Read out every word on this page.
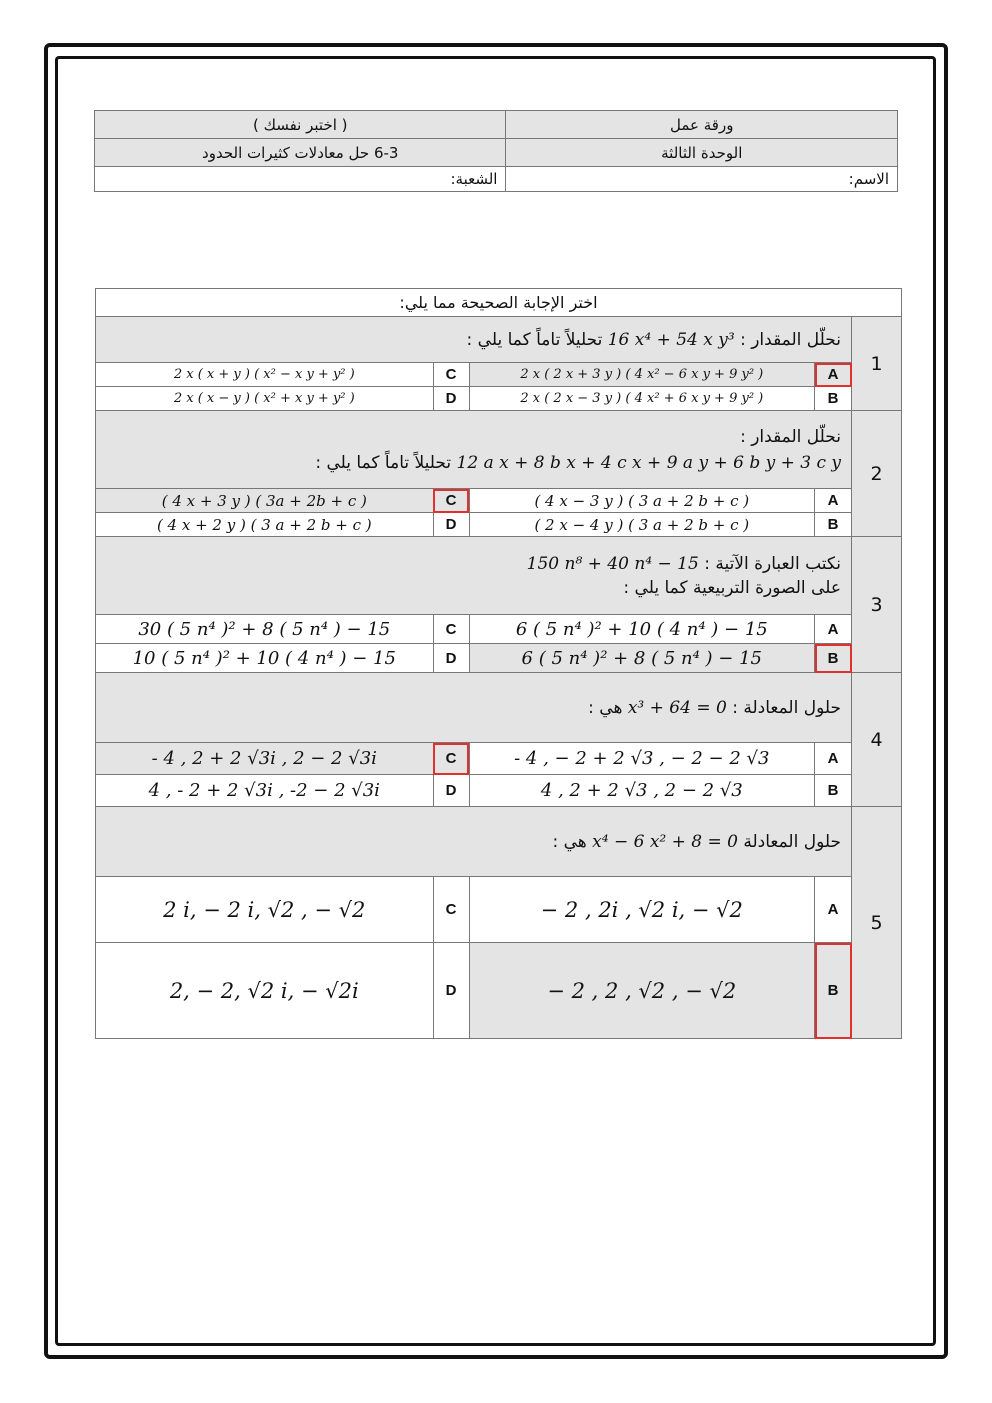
( اختبر نفسك )	ورقة عمل
6-3 حل معادلات كثيرات الحدود	الوحدة الثالثة
الشعبة:	الاسم:
اختر الإجابة الصحيحة مما يلي:				
نحلّل المقدار : 16 x⁴ + 54 x y³ تحليلاً تاماً كما يلي :				1
2 x ( x + y ) ( x² − x y + y² )	C	2 x ( 2 x + 3 y ) ( 4 x² − 6 x y + 9 y² )	A	
2 x ( x − y ) ( x² + x y + y² )	D	2 x ( 2 x − 3 y ) ( 4 x² + 6 x y + 9 y² )	B	

نحلّل المقدار :
12 a x + 8 b x + 4 c x + 9 a y + 6 b y + 3 c y تحليلاً تاماً كما يلي :				2
( 4 x + 3 y ) ( 3a + 2b + c )	C	( 4 x − 3 y ) ( 3 a + 2 b + c )	A	
( 4 x + 2 y ) ( 3 a + 2 b + c )	D	( 2 x − 4 y ) ( 3 a + 2 b + c )	B	

نكتب العبارة الآتية : 150 n⁸ + 40 n⁴ − 15
على الصورة التربيعية كما يلي :				3
30 ( 5 n⁴ )² + 8 ( 5 n⁴ ) − 15	C	6 ( 5 n⁴ )² + 10 ( 4 n⁴ ) − 15	A	
10 ( 5 n⁴ )² + 10 ( 4 n⁴ ) − 15	D	6 ( 5 n⁴ )² + 8 ( 5 n⁴ ) − 15	B	
حلول المعادلة : x³ + 64 = 0 هي :				4
- 4 , 2 + 2 √3i , 2 − 2 √3i	C	- 4 , − 2 + 2 √3 , − 2 − 2 √3	A	
4 , - 2 + 2 √3i , -2 − 2 √3i	D	4 , 2 + 2 √3 , 2 − 2 √3	B	
حلول المعادلة x⁴ − 6 x² + 8 = 0 هي :				5
2 i, − 2 i, √2 , − √2	C	− 2 , 2i , √2 i, − √2	A	
2, − 2, √2 i, − √2i	D	− 2 , 2 , √2 , − √2	B	
